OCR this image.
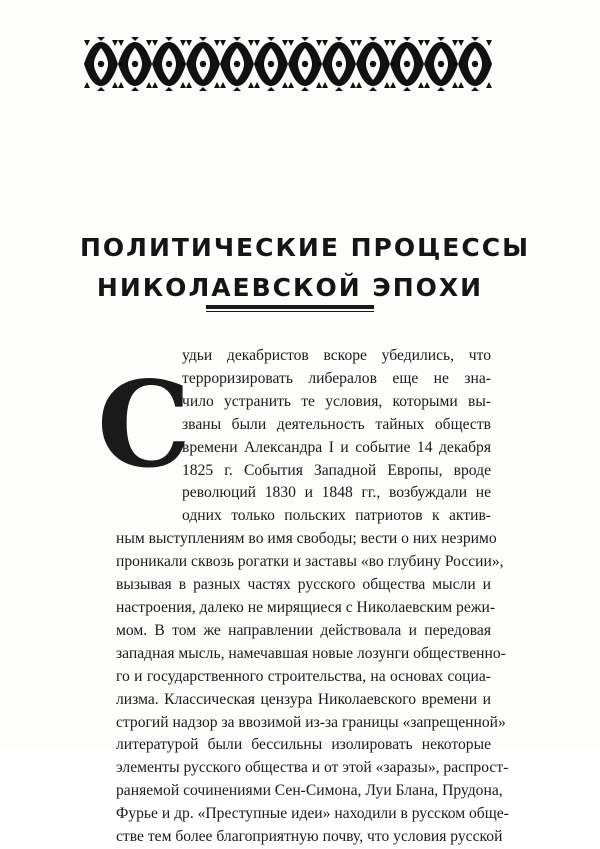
ПОЛИТИЧЕСКИЕ ПРОЦЕССЫ
НИКОЛАЕВСКОЙ ЭПОХИ
С
удьи декабристов вскоре убедились, что
терроризировать либералов еще не зна-
чило устранить те условия, которыми вы-
званы были деятельность тайных обществ
времени Александра I и событие 14 декабря
1825 г. События Западной Европы, вроде
революций 1830 и 1848 гг., возбуждали не
одних только польских патриотов к актив-
ным выступлениям во имя свободы; вести о них незримо
проникали сквозь рогатки и заставы «во глубину России»,
вызывая в разных частях русского общества мысли и
настроения, далеко не мирящиеся с Николаевским режи-
мом. В том же направлении действовала и передовая
западная мысль, намечавшая новые лозунги общественно-
го и государственного строительства, на основах социа-
лизма. Классическая цензура Николаевского времени и
строгий надзор за ввозимой из-за границы «запрещенной»
литературой были бессильны изолировать некоторые
элементы русского общества и от этой «заразы», распрост-
раняемой сочинениями Сен-Симона, Луи Блана, Прудона,
Фурье и др. «Преступные идеи» находили в русском обще-
стве тем более благоприятную почву, что условия русской
